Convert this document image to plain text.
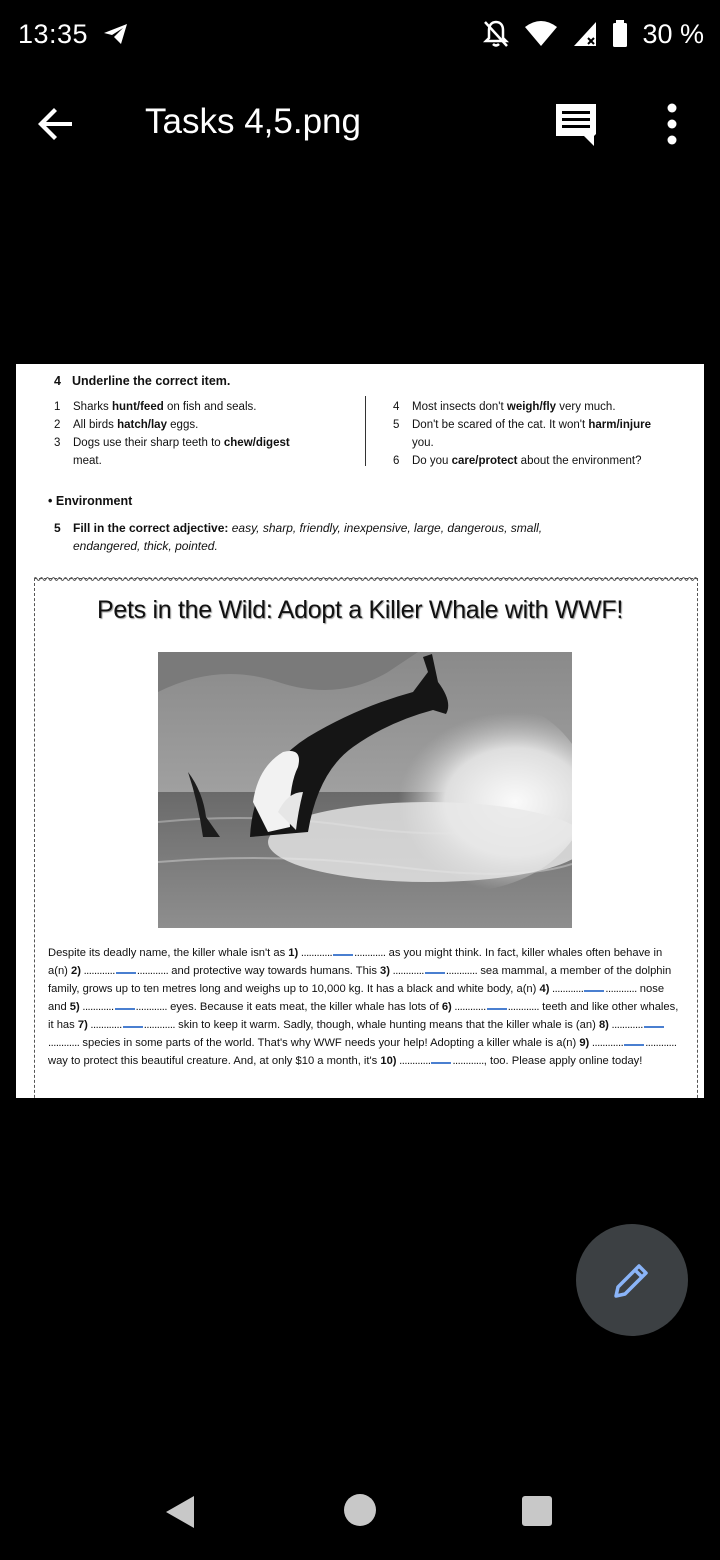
13:35	30 %
Tasks 4,5.png
4 Underline the correct item.
1	Sharks hunt/feed on fish and seals.
2	All birds hatch/lay eggs.
3	Dogs use their sharp teeth to chew/digest
meat.
4	Most insects don't weigh/fly very much.
5	Don't be scared of the cat. It won't harm/injure
you.
6	Do you care/protect about the environment?
• Environment
5 Fill in the correct adjective: easy, sharp, friendly, inexpensive, large, dangerous, small,
endangered, thick, pointed.
Pets in the Wild: Adopt a Killer Whale with WWF!
Despite its deadly name, the killer whale isn't as 1) ............ ............ as you might think. In fact, killer whales often behave in a(n) 2) ............ ............ and protective way towards humans. This 3) ............ ............ sea mammal, a member of the dolphin family, grows up to ten metres long and weighs up to 10,000 kg. It has a black and white body, a(n) 4) ............ ............ nose and 5) ............ ............ eyes. Because it eats meat, the killer whale has lots of 6) ............ ............ teeth and like other whales, it has 7) ............ ............ skin to keep it warm. Sadly, though, whale hunting means that the killer whale is (an) 8) ........................ species in some parts of the world. That's why WWF needs your help! Adopting a killer whale is a(n) 9) ............ ............ way to protect this beautiful creature. And, at only $10 a month, it's 10) ............ ............, too. Please apply online today!
